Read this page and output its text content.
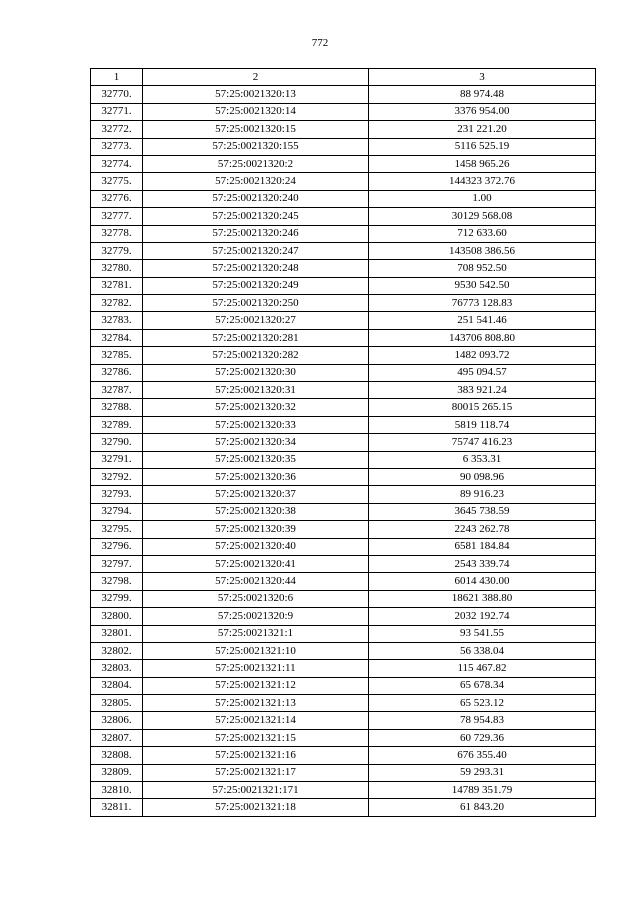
772
1	2	3
32770.	57:25:0021320:13	88 974.48
32771.	57:25:0021320:14	3376 954.00
32772.	57:25:0021320:15	231 221.20
32773.	57:25:0021320:155	5116 525.19
32774.	57:25:0021320:2	1458 965.26
32775.	57:25:0021320:24	144323 372.76
32776.	57:25:0021320:240	1.00
32777.	57:25:0021320:245	30129 568.08
32778.	57:25:0021320:246	712 633.60
32779.	57:25:0021320:247	143508 386.56
32780.	57:25:0021320:248	708 952.50
32781.	57:25:0021320:249	9530 542.50
32782.	57:25:0021320:250	76773 128.83
32783.	57:25:0021320:27	251 541.46
32784.	57:25:0021320:281	143706 808.80
32785.	57:25:0021320:282	1482 093.72
32786.	57:25:0021320:30	495 094.57
32787.	57:25:0021320:31	383 921.24
32788.	57:25:0021320:32	80015 265.15
32789.	57:25:0021320:33	5819 118.74
32790.	57:25:0021320:34	75747 416.23
32791.	57:25:0021320:35	6 353.31
32792.	57:25:0021320:36	90 098.96
32793.	57:25:0021320:37	89 916.23
32794.	57:25:0021320:38	3645 738.59
32795.	57:25:0021320:39	2243 262.78
32796.	57:25:0021320:40	6581 184.84
32797.	57:25:0021320:41	2543 339.74
32798.	57:25:0021320:44	6014 430.00
32799.	57:25:0021320:6	18621 388.80
32800.	57:25:0021320:9	2032 192.74
32801.	57:25:0021321:1	93 541.55
32802.	57:25:0021321:10	56 338.04
32803.	57:25:0021321:11	115 467.82
32804.	57:25:0021321:12	65 678.34
32805.	57:25:0021321:13	65 523.12
32806.	57:25:0021321:14	78 954.83
32807.	57:25:0021321:15	60 729.36
32808.	57:25:0021321:16	676 355.40
32809.	57:25:0021321:17	59 293.31
32810.	57:25:0021321:171	14789 351.79
32811.	57:25:0021321:18	61 843.20
